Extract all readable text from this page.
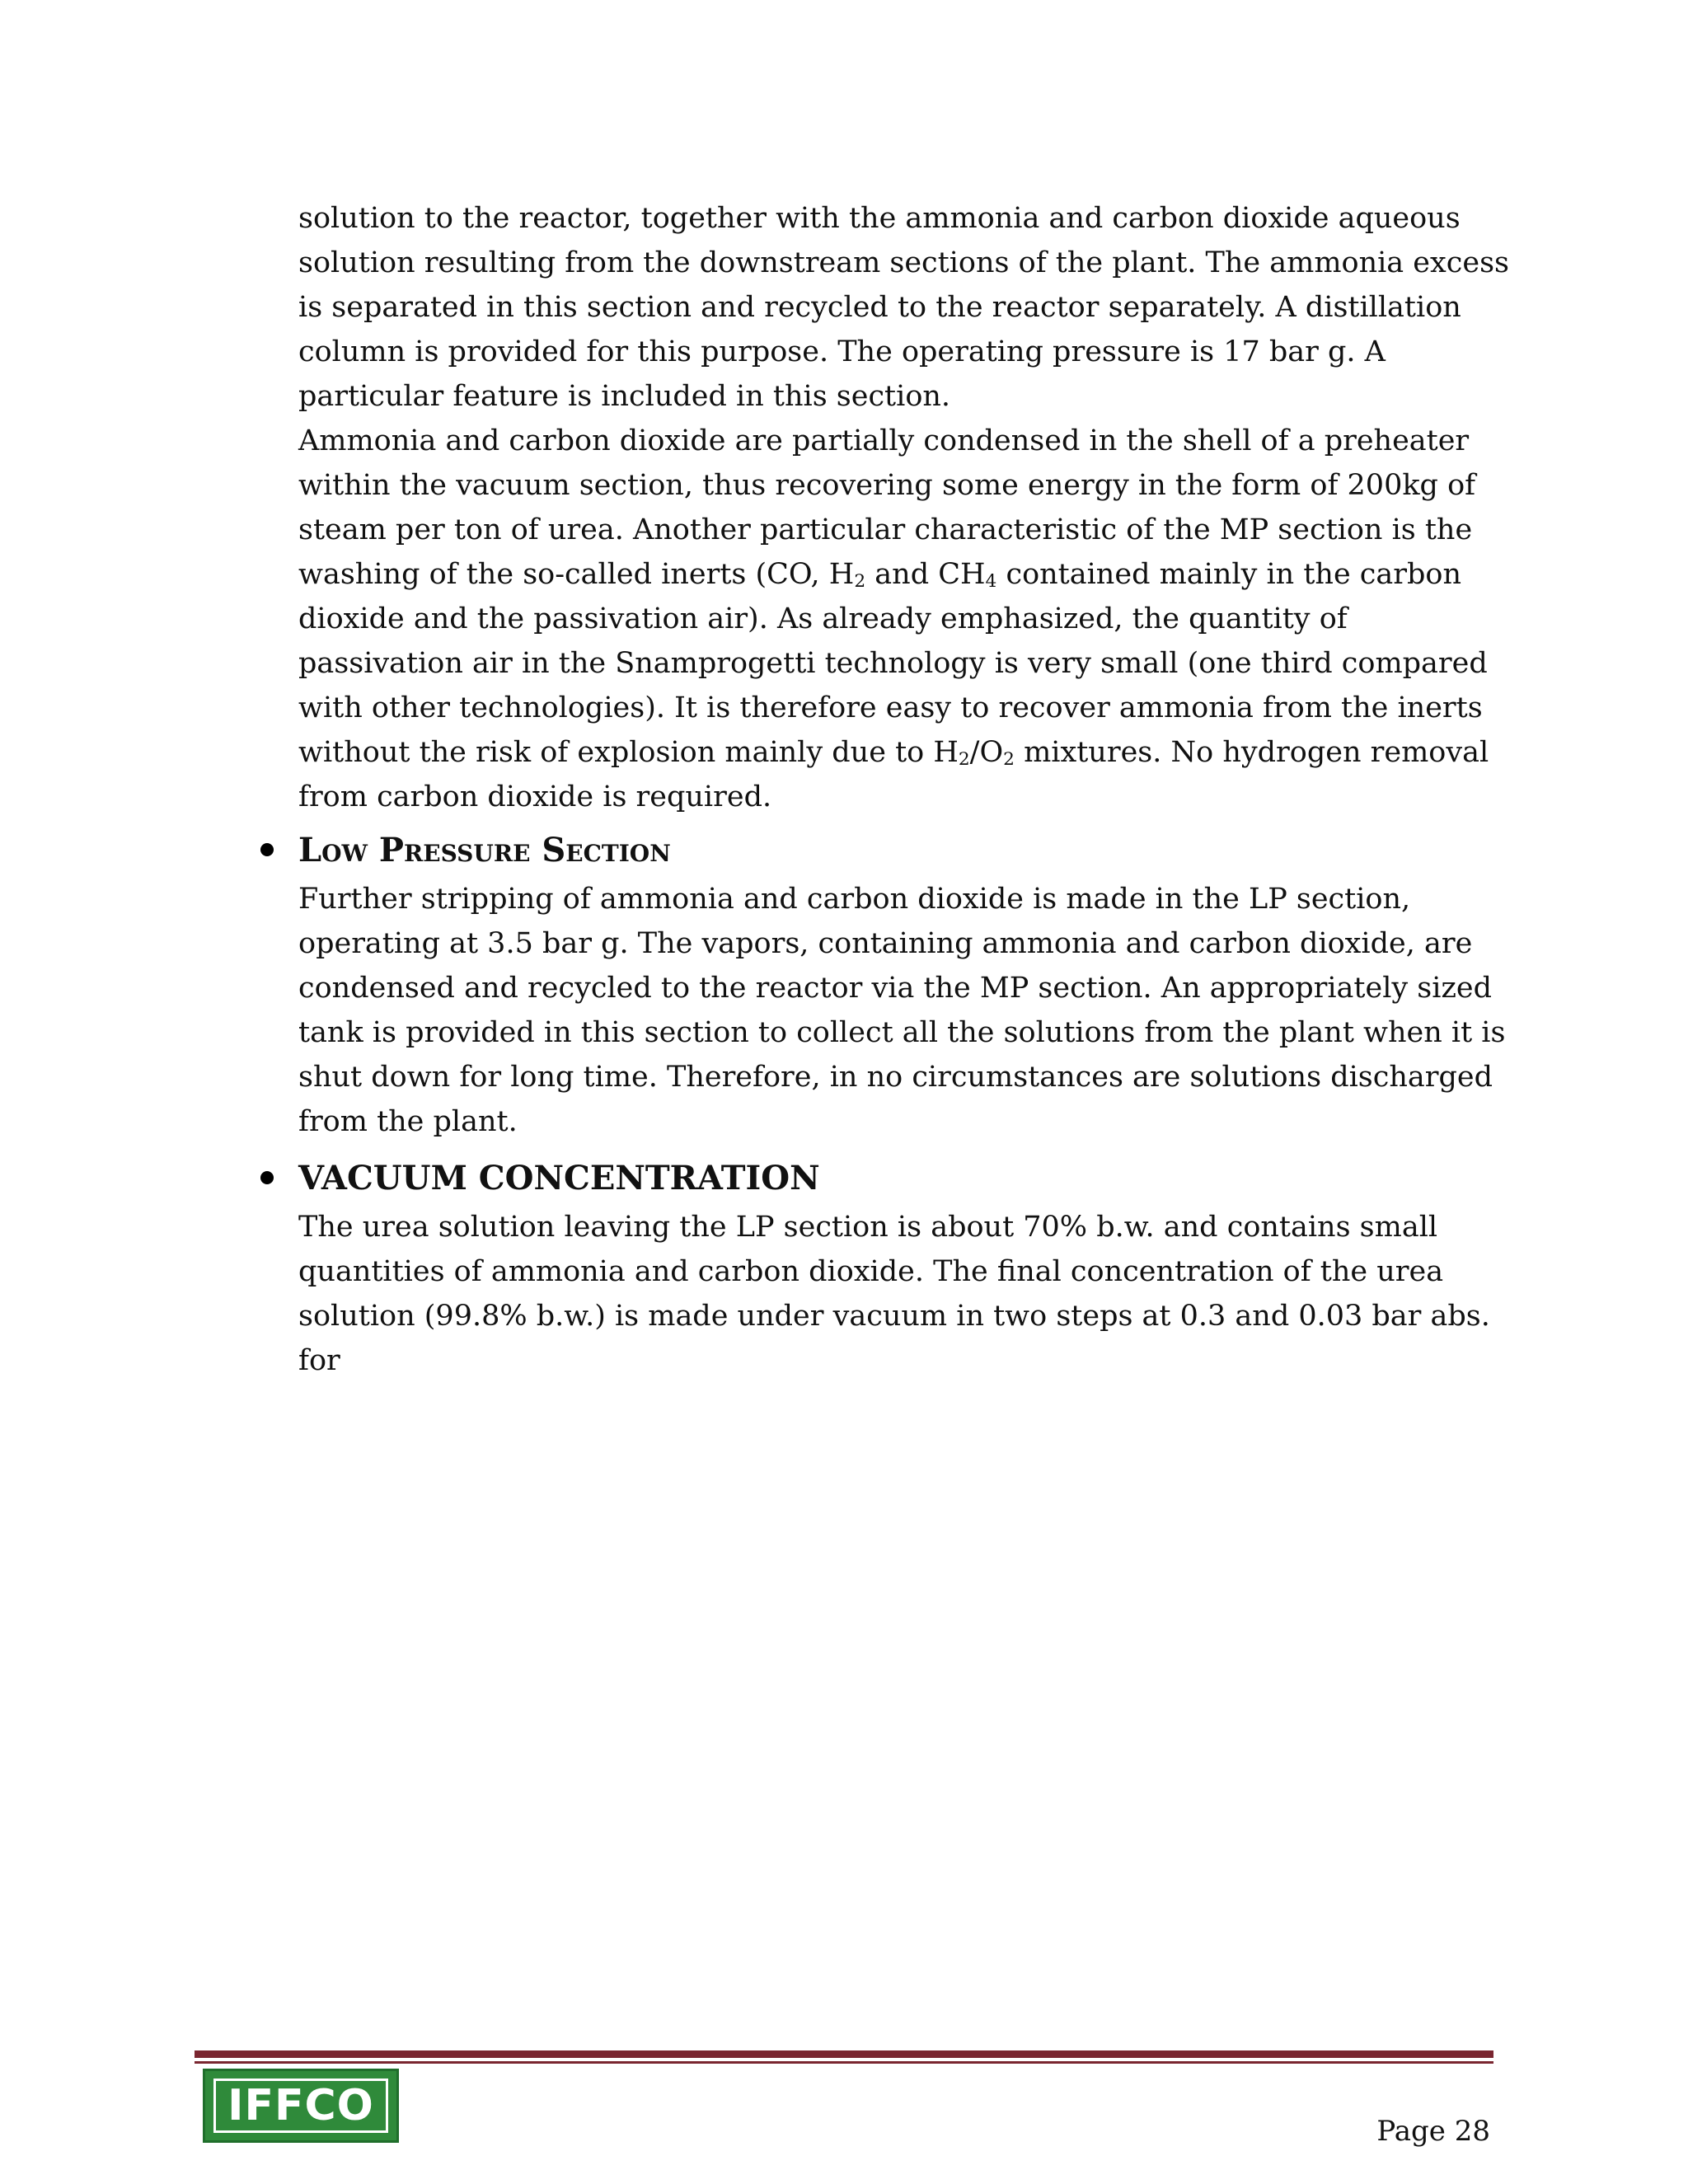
solution to the reactor, together with the ammonia and carbon dioxide aqueous
solution resulting from the downstream sections of the plant. The ammonia excess
is separated in this section and recycled to the reactor separately. A distillation
column is provided for this purpose. The operating pressure is 17 bar g. A
particular feature is included in this section.
Ammonia and carbon dioxide are partially condensed in the shell of a preheater
within the vacuum section, thus recovering some energy in the form of 200kg of
steam per ton of urea. Another particular characteristic of the MP section is the
washing of the so-called inerts (CO, $H_2$ and $CH_4$ contained mainly in the carbon
dioxide and the passivation air). As already emphasized, the quantity of
passivation air in the Snamprogetti technology is very small (one third compared
with other technologies). It is therefore easy to recover ammonia from the inerts
without the risk of explosion mainly due to $H_2/O_2$ mixtures. No hydrogen removal
from carbon dioxide is required.

Low Pressure Section

Further stripping of ammonia and carbon dioxide is made in the LP section,
operating at 3.5 bar g. The vapors, containing ammonia and carbon dioxide, are
condensed and recycled to the reactor via the MP section. An appropriately sized
tank is provided in this section to collect all the solutions from the plant when it is
shut down for long time. Therefore, in no circumstances are solutions discharged
from the plant.

VACUUM CONCENTRATION

The urea solution leaving the LP section is about 70% b.w. and contains small
quantities of ammonia and carbon dioxide. The final concentration of the urea
solution (99.8% b.w.) is made under vacuum in two steps at 0.3 and 0.03 bar abs.
for

IFFCO
Page 28
